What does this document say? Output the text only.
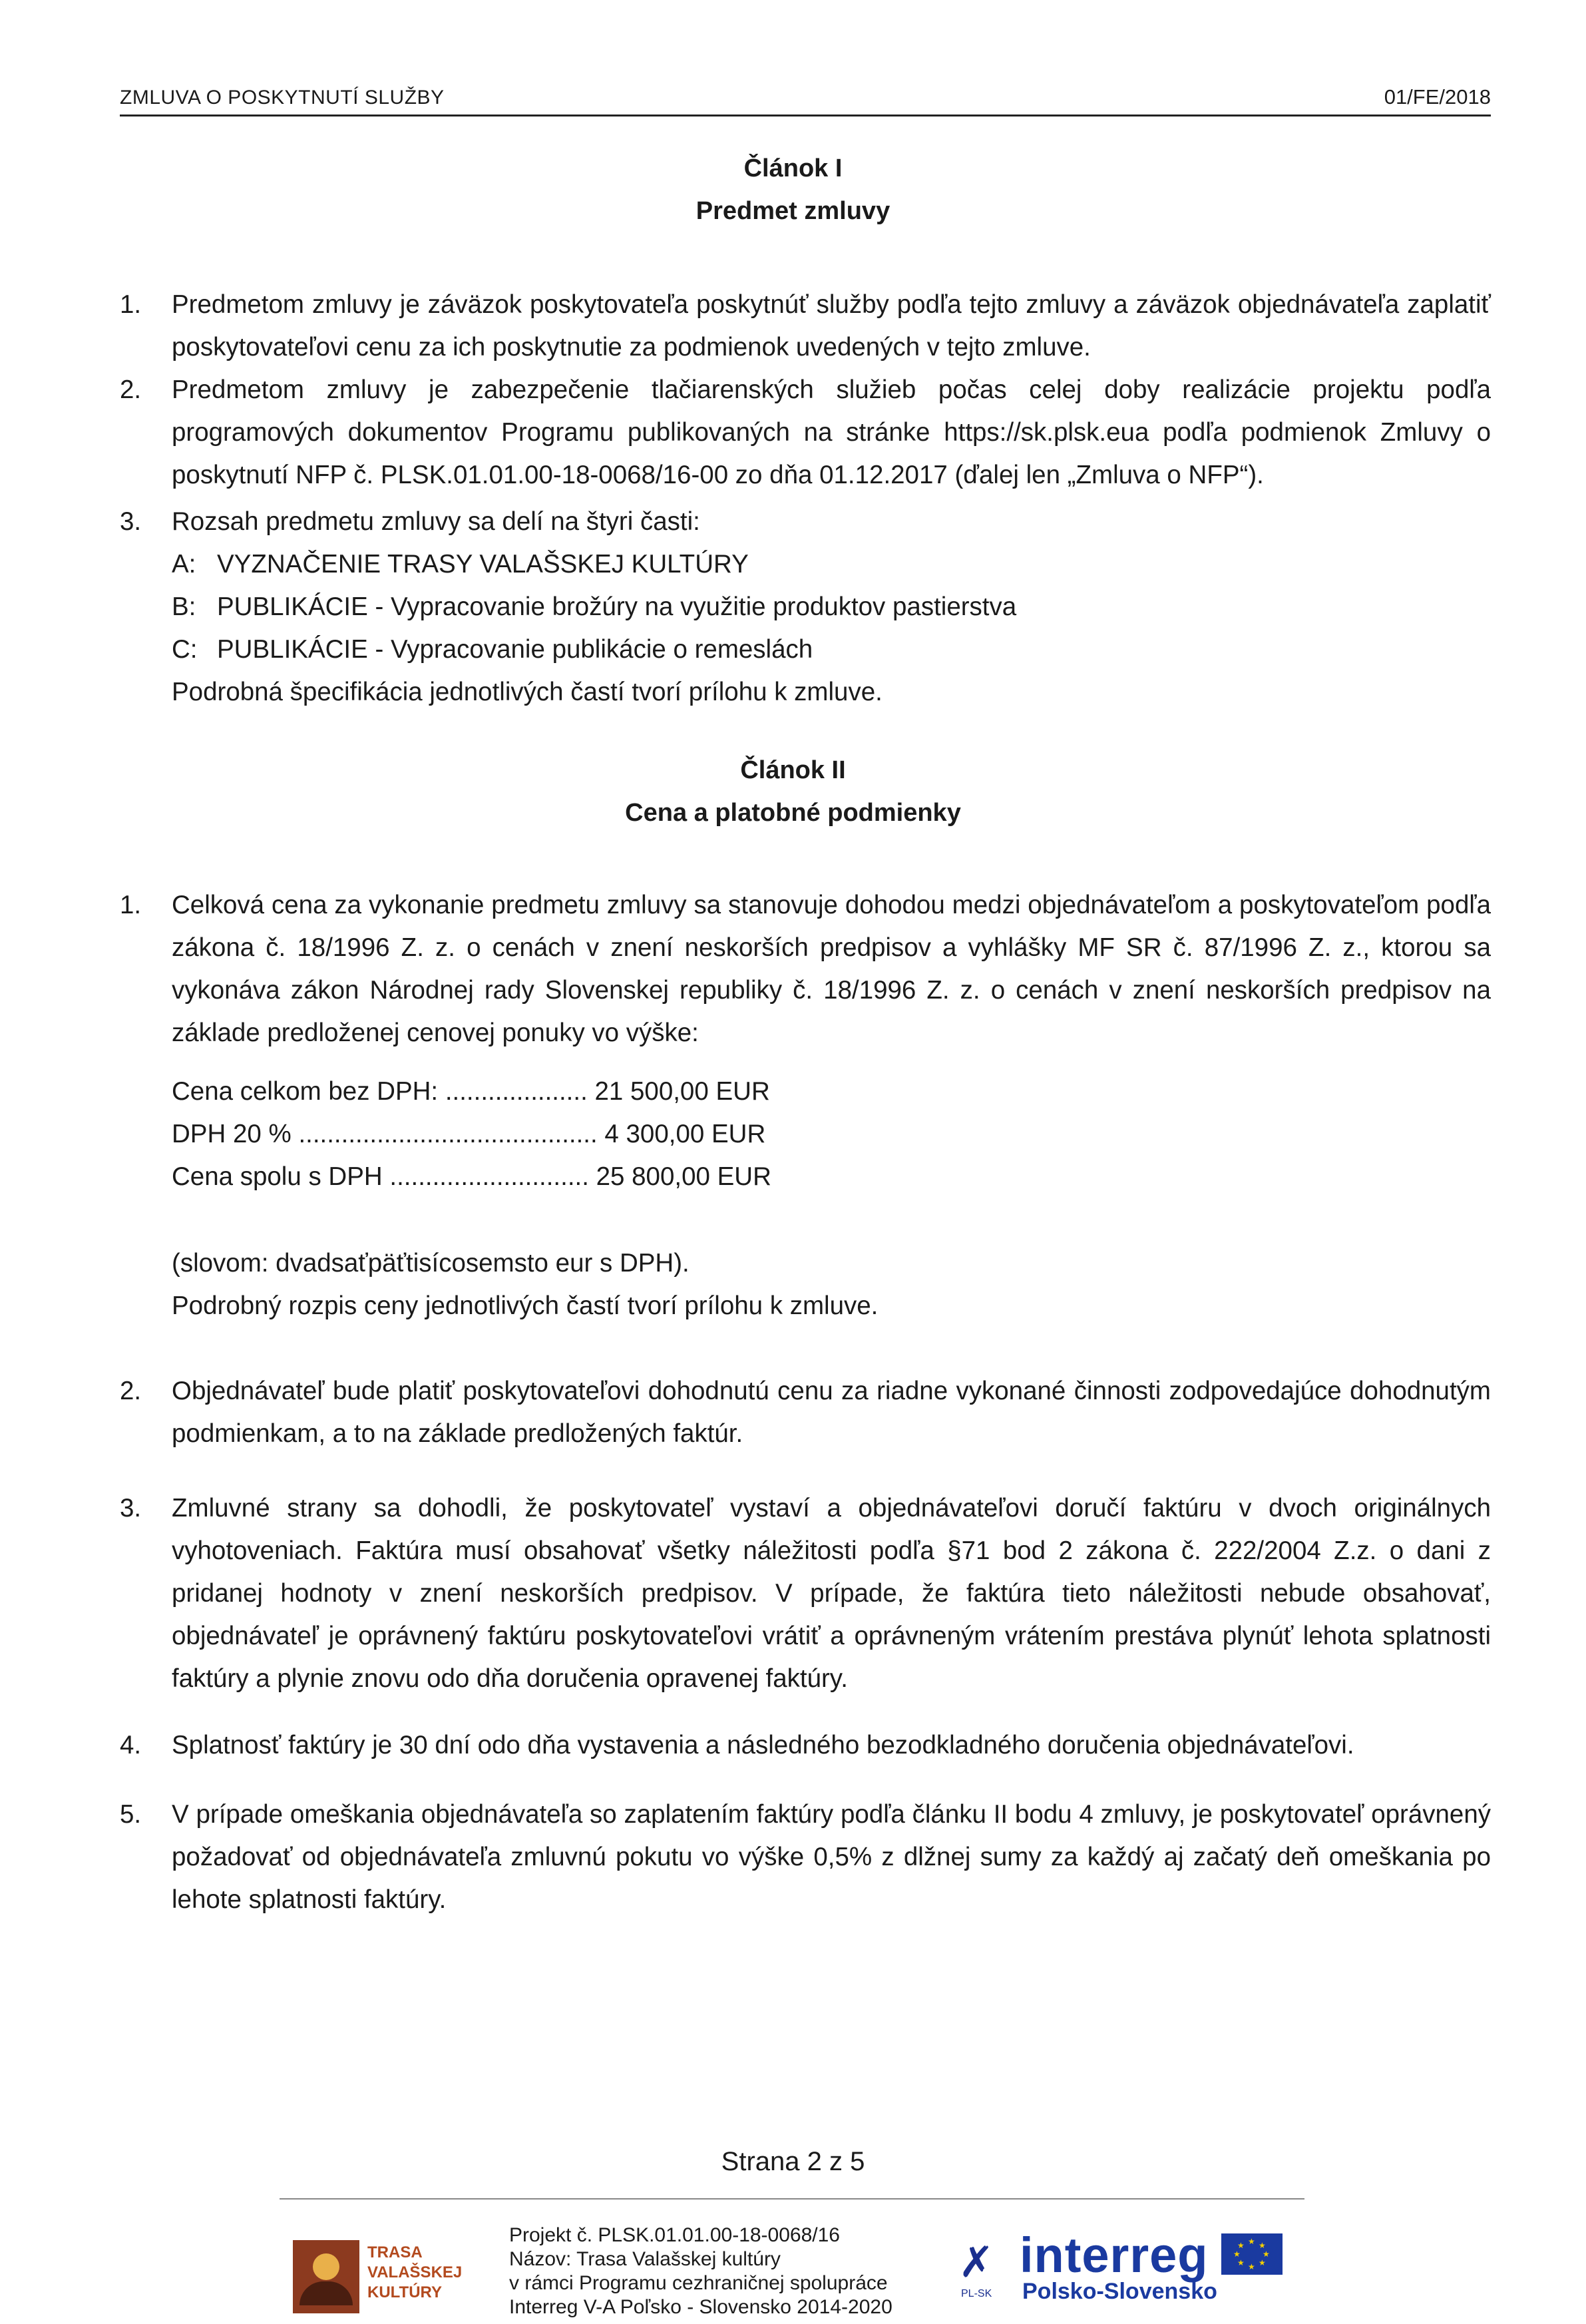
ZMLUVA O POSKYTNUTÍ SLUŽBY	01/FE/2018
Článok I
Predmet zmluvy
1. Predmetom zmluvy je záväzok poskytovateľa poskytnúť služby podľa tejto zmluvy a záväzok objednávateľa zaplatiť poskytovateľovi cenu za ich poskytnutie za podmienok uvedených v tejto zmluve.
2. Predmetom zmluvy je zabezpečenie tlačiarenských služieb počas celej doby realizácie projektu podľa programových dokumentov Programu publikovaných na stránke https://sk.plsk.eua podľa podmienok Zmluvy o poskytnutí NFP č. PLSK.01.01.00-18-0068/16-00 zo dňa 01.12.2017 (ďalej len „Zmluva o NFP“).
3. Rozsah predmetu zmluvy sa delí na štyri časti:
A: VYZNAČENIE TRASY VALAŠSKEJ KULTÚRY
B: PUBLIKÁCIE - Vypracovanie brožúry na využitie produktov pastierstva
C: PUBLIKÁCIE - Vypracovanie publikácie o remeslách
Podrobná špecifikácia jednotlivých častí tvorí prílohu k zmluve.
Článok II
Cena a platobné podmienky
1. Celková cena za vykonanie predmetu zmluvy sa stanovuje dohodou medzi objednávateľom a poskytovateľom podľa zákona č. 18/1996 Z. z. o cenách v znení neskorších predpisov a vyhlášky MF SR č. 87/1996 Z. z., ktorou sa vykonáva zákon Národnej rady Slovenskej republiky č. 18/1996 Z. z. o cenách v znení neskorších predpisov na základe predloženej cenovej ponuky vo výške:
Cena celkom bez DPH: .................... 21 500,00 EUR
DPH 20 % .......................................... 4 300,00 EUR
Cena spolu s DPH ............................ 25 800,00 EUR
(slovom: dvadsaťpäťtisícosemsto eur s DPH).
Podrobný rozpis ceny jednotlivých častí tvorí prílohu k zmluve.
2. Objednávateľ bude platiť poskytovateľovi dohodnutú cenu za riadne vykonané činnosti zodpovedajúce dohodnutým podmienkam, a to na základe predložených faktúr.
3. Zmluvné strany sa dohodli, že poskytovateľ vystaví a objednávateľovi doručí faktúru v dvoch originálnych vyhotoveniach. Faktúra musí obsahovať všetky náležitosti podľa §71 bod 2 zákona č. 222/2004 Z.z. o dani z pridanej hodnoty v znení neskorších predpisov. V prípade, že faktúra tieto náležitosti nebude obsahovať, objednávateľ je oprávnený faktúru poskytovateľovi vrátiť a oprávneným vrátením prestáva plynúť lehota splatnosti faktúry a plynie znovu odo dňa doručenia opravenej faktúry.
4. Splatnosť faktúry je 30 dní odo dňa vystavenia a následného bezodkladného doručenia objednávateľovi.
5. V prípade omeškania objednávateľa so zaplatením faktúry podľa článku II bodu 4 zmluvy, je poskytovateľ oprávnený požadovať od objednávateľa zmluvnú pokutu vo výške 0,5% z dlžnej sumy za každý aj začatý deň omeškania po lehote splatnosti faktúry.
Strana 2 z 5
TRASA
VALAŠSKEJ
KULTÚRY
Projekt č. PLSK.01.01.00-18-0068/16
Názov: Trasa Valašskej kultúry
v rámci Programu cezhraničnej spolupráce
Interreg V-A Poľsko - Slovensko 2014-2020
✗ interreg
PL-SK Polsko-Slovensko
★ ★
★
★
★
★
★
★
